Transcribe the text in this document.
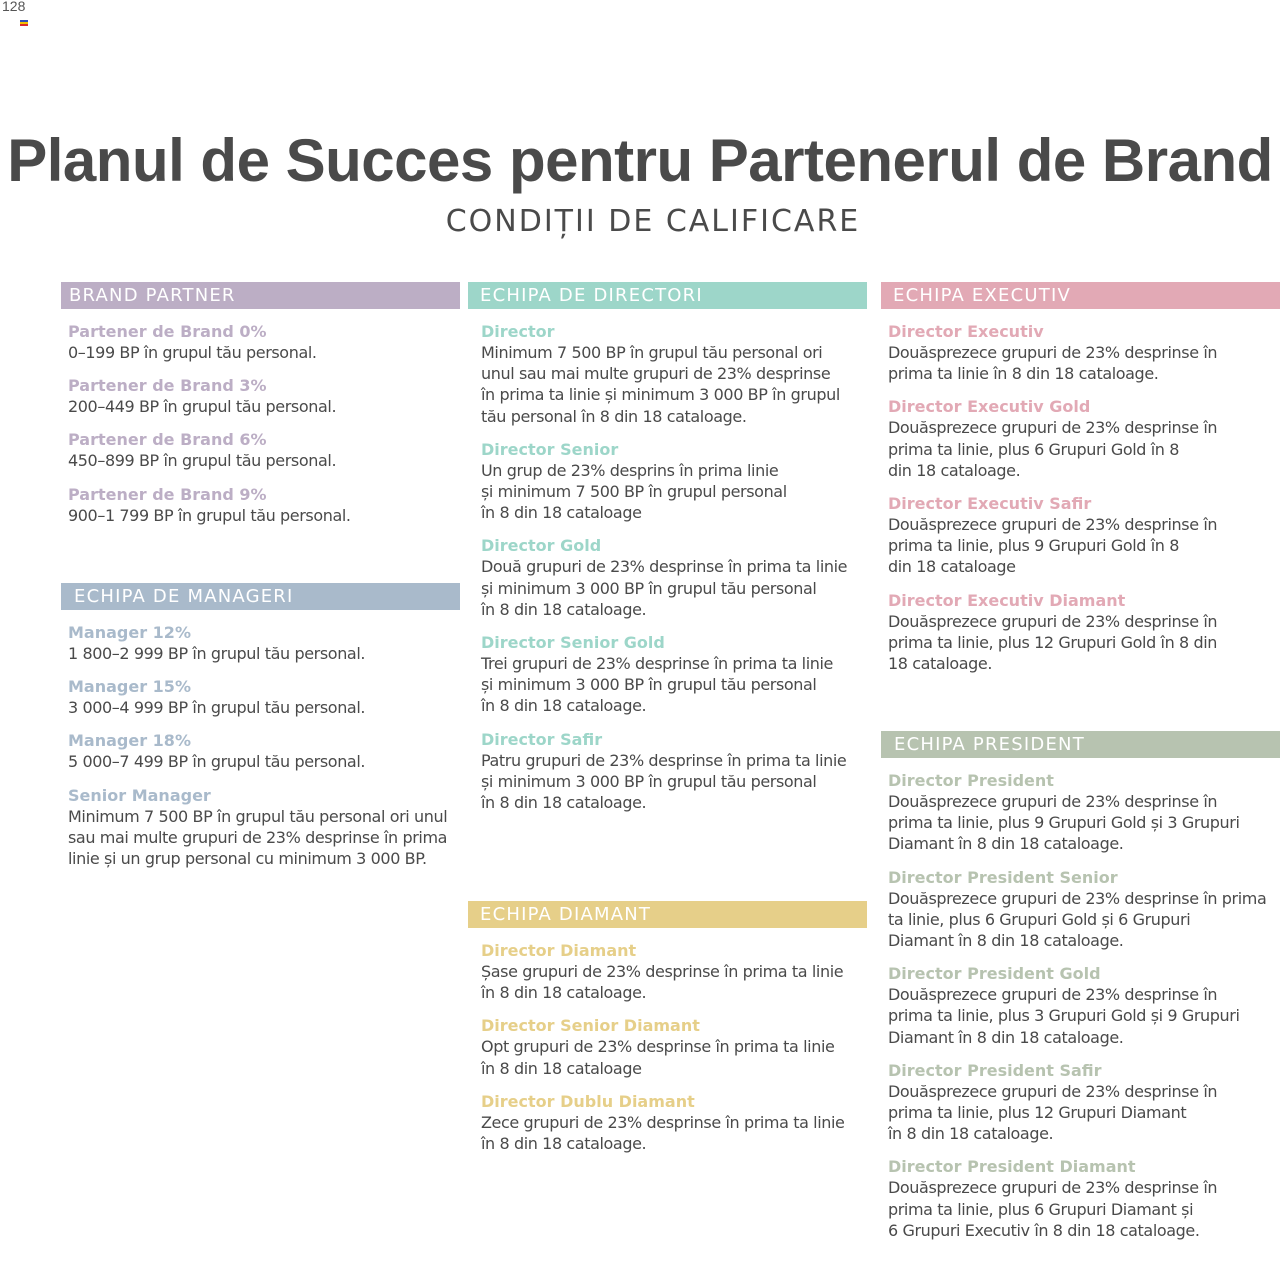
128
Planul de Succes pentru Partenerul de Brand
CONDIȚII DE CALIFICARE
BRAND PARTNER
Partener de Brand 0%
0–199 BP în grupul tău personal.
Partener de Brand 3%
200–449 BP în grupul tău personal.
Partener de Brand 6%
450–899 BP în grupul tău personal.
Partener de Brand 9%
900–1 799 BP în grupul tău personal.
ECHIPA DE MANAGERI
Manager 12%
1 800–2 999 BP în grupul tău personal.
Manager 15%
3 000–4 999 BP în grupul tău personal.
Manager 18%
5 000–7 499 BP în grupul tău personal.
Senior Manager
Minimum 7 500 BP în grupul tău personal ori unul
sau mai multe grupuri de 23% desprinse în prima
linie și un grup personal cu minimum 3 000 BP.
ECHIPA DE DIRECTORI
Director
Minimum 7 500 BP în grupul tău personal ori
unul sau mai multe grupuri de 23% desprinse
în prima ta linie și minimum 3 000 BP în grupul
tău personal în 8 din 18 cataloage.
Director Senior
Un grup de 23% desprins în prima linie
și minimum 7 500 BP în grupul personal
în 8 din 18 cataloage
Director Gold
Două grupuri de 23% desprinse în prima ta linie
și minimum 3 000 BP în grupul tău personal
în 8 din 18 cataloage.
Director Senior Gold
Trei grupuri de 23% desprinse în prima ta linie
și minimum 3 000 BP în grupul tău personal
în 8 din 18 cataloage.
Director Safir
Patru grupuri de 23% desprinse în prima ta linie
și minimum 3 000 BP în grupul tău personal
în 8 din 18 cataloage.
ECHIPA DIAMANT
Director Diamant
Șase grupuri de 23% desprinse în prima ta linie
în 8 din 18 cataloage.
Director Senior Diamant
Opt grupuri de 23% desprinse în prima ta linie
în 8 din 18 cataloage
Director Dublu Diamant
Zece grupuri de 23% desprinse în prima ta linie
în 8 din 18 cataloage.
ECHIPA EXECUTIV
Director Executiv
Douăsprezece grupuri de 23% desprinse în
prima ta linie în 8 din 18 cataloage.
Director Executiv Gold
Douăsprezece grupuri de 23% desprinse în
prima ta linie, plus 6 Grupuri Gold în 8
din 18 cataloage.
Director Executiv Safir
Douăsprezece grupuri de 23% desprinse în
prima ta linie, plus 9 Grupuri Gold în 8
din 18 cataloage
Director Executiv Diamant
Douăsprezece grupuri de 23% desprinse în
prima ta linie, plus 12 Grupuri Gold în 8 din
18 cataloage.
ECHIPA PRESIDENT
Director President
Douăsprezece grupuri de 23% desprinse în
prima ta linie, plus 9 Grupuri Gold și 3 Grupuri
Diamant în 8 din 18 cataloage.
Director President Senior
Douăsprezece grupuri de 23% desprinse în prima
ta linie, plus 6 Grupuri Gold și 6 Grupuri
Diamant în 8 din 18 cataloage.
Director President Gold
Douăsprezece grupuri de 23% desprinse în
prima ta linie, plus 3 Grupuri Gold și 9 Grupuri
Diamant în 8 din 18 cataloage.
Director President Safir
Douăsprezece grupuri de 23% desprinse în
prima ta linie, plus 12 Grupuri Diamant
în 8 din 18 cataloage.
Director President Diamant
Douăsprezece grupuri de 23% desprinse în
prima ta linie, plus 6 Grupuri Diamant și
6 Grupuri Executiv în 8 din 18 cataloage.
